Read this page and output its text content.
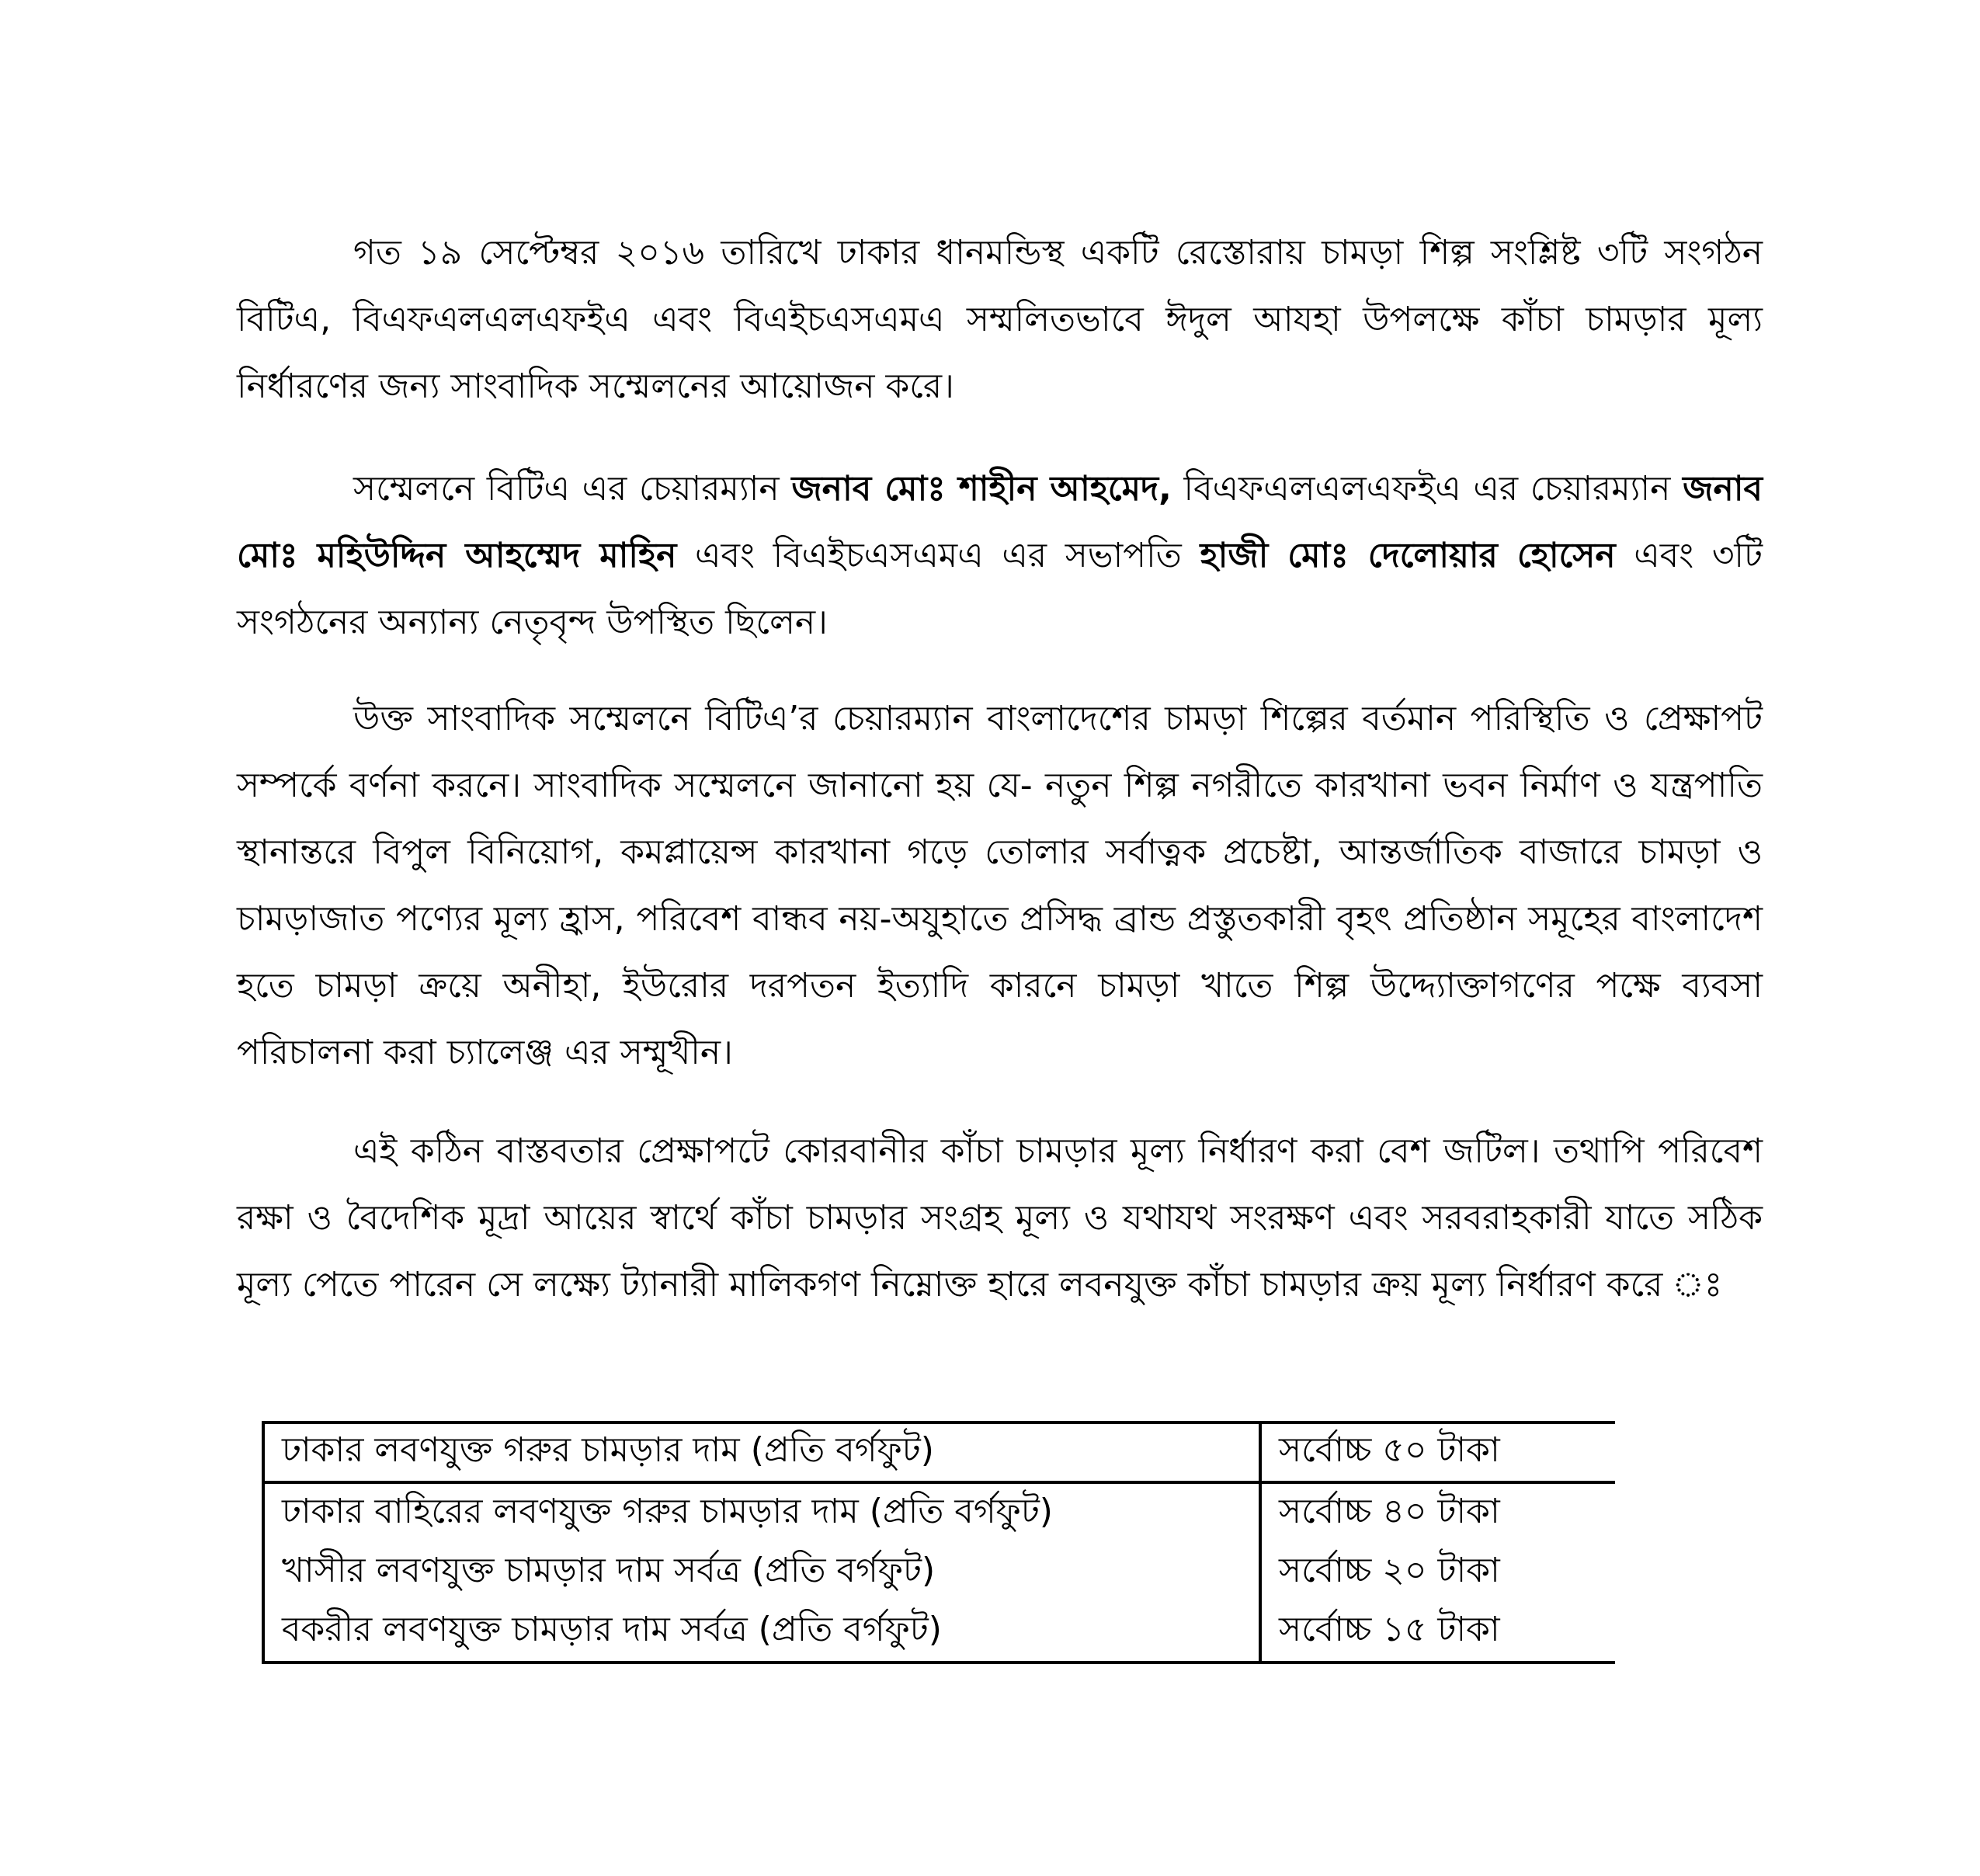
গত ১৯ সেপ্টেম্বর ২০১৬ তারিখে ঢাকার ধানমন্ডিস্থ একটি রেস্তোরায় চামড়া শিল্প সংশ্লিষ্ট ৩টি সংগঠন বিটিএ, বিএফএলএলএফইএ এবং বিএইচএসএমএ সম্মলিতভাবে ঈদুল আযহা উপলক্ষে কাঁচা চামড়ার মূল্য নির্ধারণের জন্য সাংবাদিক সম্মেলনের আয়োজন করে।

সম্মেলনে বিটিএ এর চেয়ারম্যান জনাব মোঃ শাহীন আহমেদ, বিএফএলএলএফইএ এর চেয়ারম্যান জনাব মোঃ মহিউদ্দিন আহম্মেদ মাহিন এবং বিএইচএসএমএ এর সভাপতি হাজী মোঃ দেলোয়ার হোসেন এবং ৩টি সংগঠনের অন্যান্য নেতৃবৃন্দ উপস্থিত ছিলেন।

উক্ত সাংবাদিক সম্মেলনে বিটিএ’র চেয়ারম্যান বাংলাদেশের চামড়া শিল্পের বর্তমান পরিস্থিতি ও প্রেক্ষাপট সম্পর্কে বর্ণনা করনে। সাংবাদিক সম্মেলনে জানানো হয় যে- নতুন শিল্প নগরীতে কারখানা ভবন নির্মাণ ও যন্ত্রপাতি স্থানান্তরে বিপুল বিনিয়োগ, কমপ্লায়েন্স কারখানা গড়ে তোলার সর্বাত্নক প্রচেষ্টা, আন্তর্জাতিক বাজারে চামড়া ও চামড়াজাত পণ্যের মূল্য হ্রাস, পরিবেশ বান্ধব নয়-অযুহাতে প্রসিদ্ধ ব্রান্ড প্রস্তুতকারী বৃহৎ প্রতিষ্ঠান সমূহের বাংলাদেশ হতে চামড়া ক্রয়ে অনীহা, ইউরোর দরপতন ইত্যাদি কারনে চামড়া খাতে শিল্প উদ্দ্যোক্তাগণের পক্ষে ব্যবসা পরিচালনা করা চ্যালেঞ্জ এর সম্মূখীন।

এই কঠিন বাস্তবতার প্রেক্ষাপটে কোরবানীর কাঁচা চামড়ার মূল্য নির্ধারণ করা বেশ জটিল। তথাপি পরিবেশ রক্ষা ও বৈদেশিক মূদ্রা আয়ের স্বার্থে কাঁচা চামড়ার সংগ্রহ মূল্য ও যথাযথ সংরক্ষণ এবং সরবরাহকারী যাতে সঠিক মূল্য পেতে পারেন সে লক্ষ্যে ট্যানারী মালিকগণ নিম্নোক্ত হারে লবনযুক্ত কাঁচা চামড়ার ক্রয় মূল্য নির্ধারণ করে ঃ

ঢাকার লবণযুক্ত গরুর চামড়ার দাম (প্রতি বর্গফুট)	সর্বোচ্চ ৫০ টাকা
ঢাকার বাহিরের লবণযুক্ত গরুর চামড়ার দাম (প্রতি বর্গফুট)	সর্বোচ্চ ৪০ টাকা
খাসীর লবণযুক্ত চামড়ার দাম সর্বত্র (প্রতি বর্গফুট)	সর্বোচ্চ ২০ টাকা
বকরীর লবণযুক্ত চামড়ার দাম সর্বত্র (প্রতি বর্গফুট)	সর্বোচ্চ ১৫ টাকা
